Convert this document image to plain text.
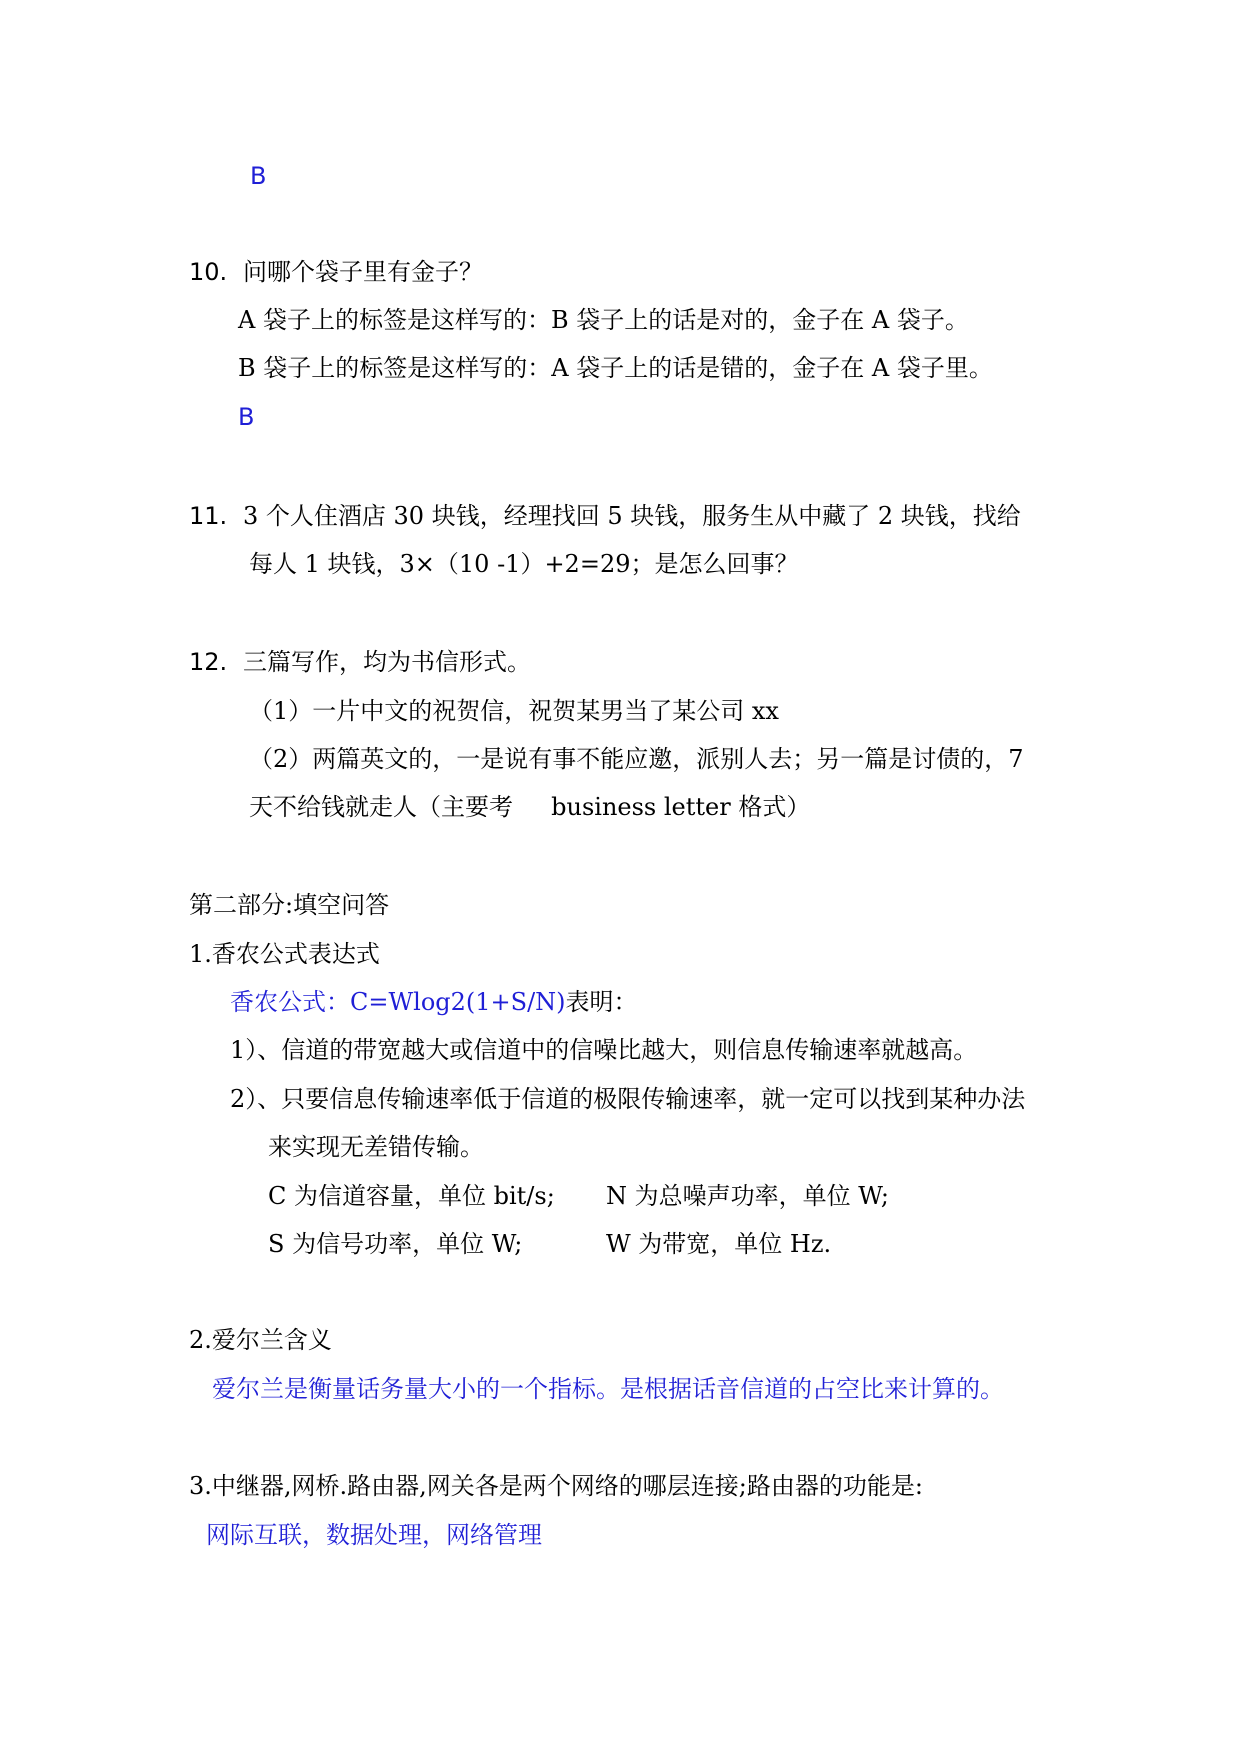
B
10. 问哪个袋子里有金子？
A 袋子上的标签是这样写的：B 袋子上的话是对的，金子在 A 袋子。
B 袋子上的标签是这样写的：A 袋子上的话是错的，金子在 A 袋子里。
B
11. 3 个人住酒店 30 块钱，经理找回 5 块钱，服务生从中藏了 2 块钱，找给
每人 1 块钱，3×（10 -1）+2=29；是怎么回事？
12. 三篇写作，均为书信形式。
（1）一片中文的祝贺信，祝贺某男当了某公司 xx
（2）两篇英文的，一是说有事不能应邀，派别人去；另一篇是讨债的，7
天不给钱就走人（主要考     business letter 格式）
第二部分:填空问答
1.香农公式表达式
香农公式：C=Wlog2(1+S/N)表明：
1）、信道的带宽越大或信道中的信噪比越大，则信息传输速率就越高。
2）、只要信息传输速率低于信道的极限传输速率，就一定可以找到某种办法
来实现无差错传输。
C 为信道容量，单位 bit/s; N 为总噪声功率，单位 W;
S 为信号功率，单位 W;	W 为带宽，单位 Hz.
2.爱尔兰含义
爱尔兰是衡量话务量大小的一个指标。是根据话音信道的占空比来计算的。
3.中继器,网桥.路由器,网关各是两个网络的哪层连接;路由器的功能是:
网际互联，数据处理，网络管理
